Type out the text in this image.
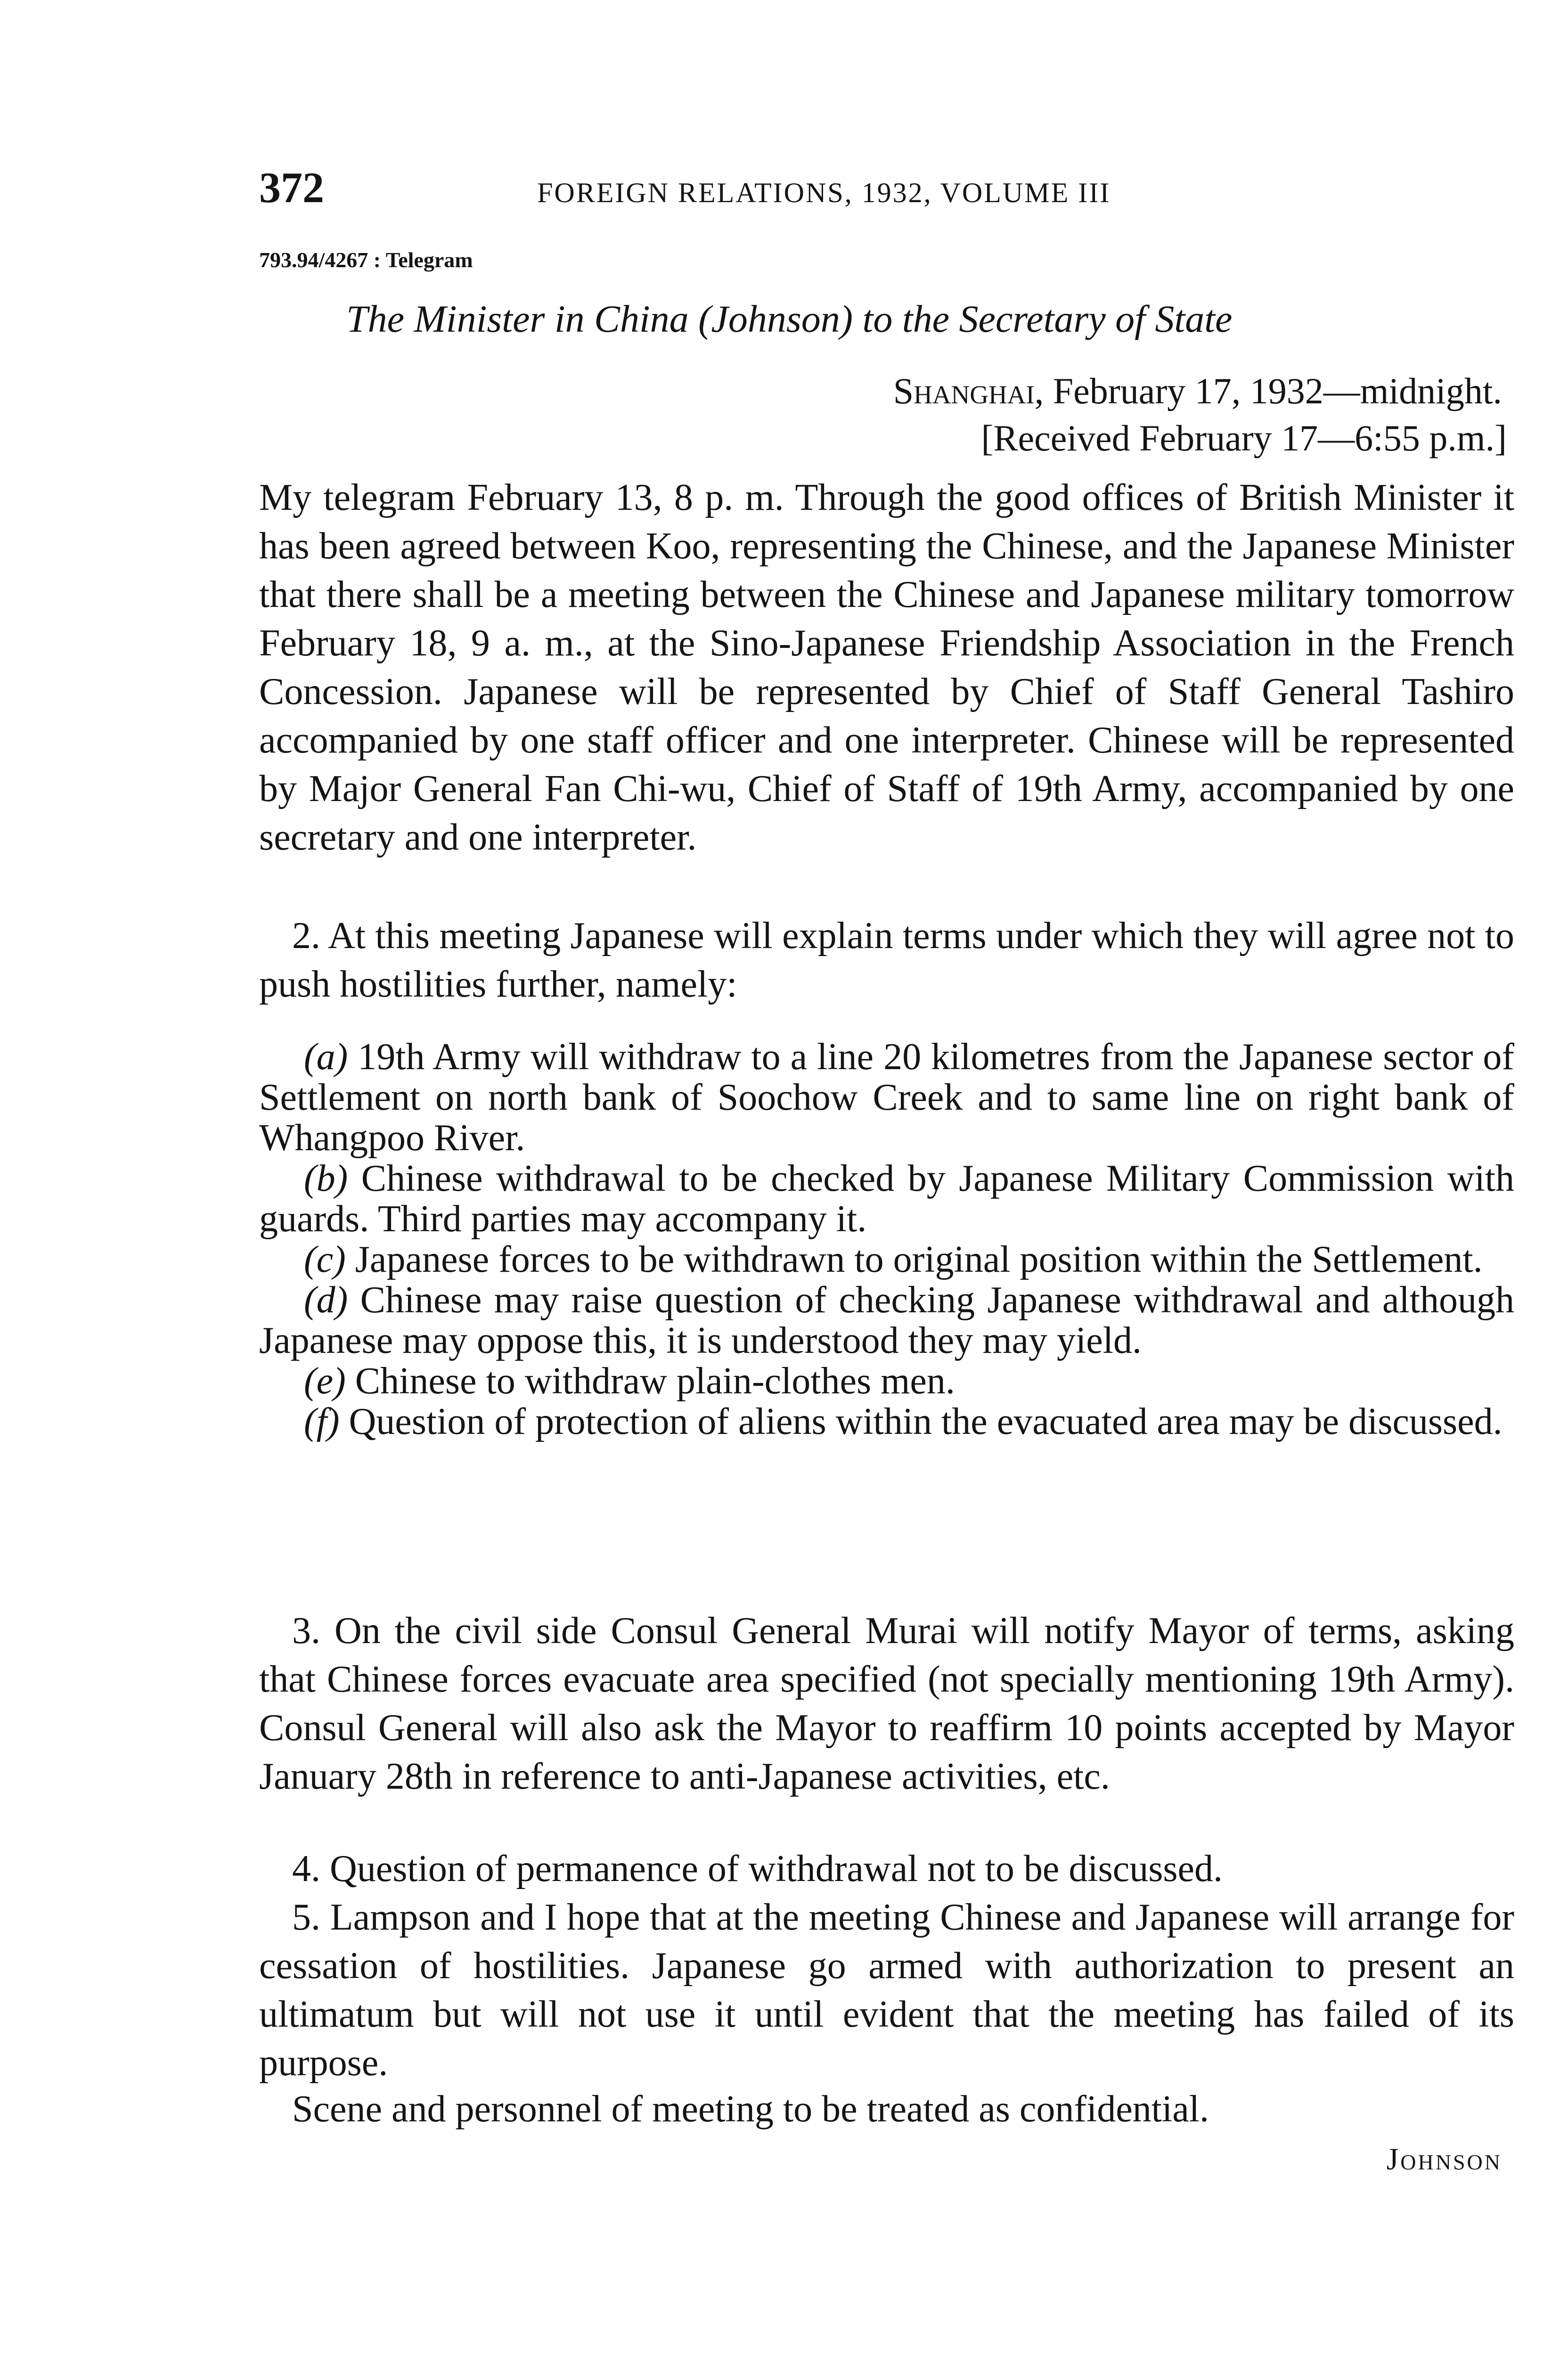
372	FOREIGN RELATIONS, 1932, VOLUME III
793.94/4267 : Telegram
The Minister in China (Johnson) to the Secretary of State
Shanghai, February 17, 1932—midnight.
[Received February 17—6:55 p.m.]

My telegram February 13, 8 p. m. Through the good offices of British Minister it has been agreed between Koo, representing the Chinese, and the Japanese Minister that there shall be a meeting between the Chinese and Japanese military tomorrow February 18, 9 a. m., at the Sino-Japanese Friendship Association in the French Concession. Japanese will be represented by Chief of Staff General Tashiro accompanied by one staff officer and one interpreter. Chinese will be represented by Major General Fan Chi-wu, Chief of Staff of 19th Army, accompanied by one secretary and one interpreter.

2. At this meeting Japanese will explain terms under which they will agree not to push hostilities further, namely:

(a) 19th Army will withdraw to a line 20 kilometres from the Japanese sector of Settlement on north bank of Soochow Creek and to same line on right bank of Whangpoo River.

(b) Chinese withdrawal to be checked by Japanese Military Commission with guards. Third parties may accompany it.

(c) Japanese forces to be withdrawn to original position within the Settlement.

(d) Chinese may raise question of checking Japanese withdrawal and although Japanese may oppose this, it is understood they may yield.

(e) Chinese to withdraw plain-clothes men.

(f) Question of protection of aliens within the evacuated area may be discussed.

3. On the civil side Consul General Murai will notify Mayor of terms, asking that Chinese forces evacuate area specified (not specially mentioning 19th Army). Consul General will also ask the Mayor to reaffirm 10 points accepted by Mayor January 28th in reference to anti-Japanese activities, etc.

4. Question of permanence of withdrawal not to be discussed.

5. Lampson and I hope that at the meeting Chinese and Japanese will arrange for cessation of hostilities. Japanese go armed with authorization to present an ultimatum but will not use it until evident that the meeting has failed of its purpose.

Scene and personnel of meeting to be treated as confidential.

Johnson
